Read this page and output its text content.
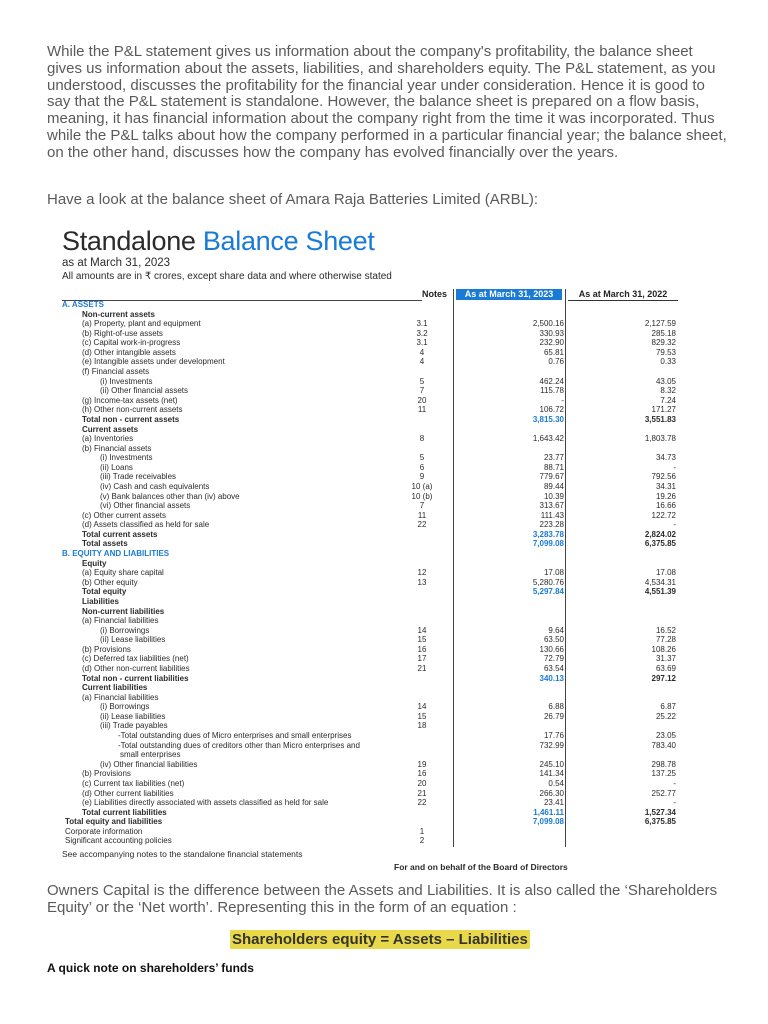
While the P&L statement gives us information about the company's profitability, the balance sheet gives us information about the assets, liabilities, and shareholders equity. The P&L statement, as you understood, discusses the profitability for the financial year under consideration. Hence it is good to say that the P&L statement is standalone. However, the balance sheet is prepared on a flow basis, meaning, it has financial information about the company right from the time it was incorporated. Thus while the P&L talks about how the company performed in a particular financial year; the balance sheet, on the other hand, discusses how the company has evolved financially over the years.

Have a look at the balance sheet of Amara Raja Batteries Limited (ARBL):

Standalone Balance Sheet
as at March 31, 2023
All amounts are in ₹ crores, except share data and where otherwise stated
Notes	As at March 31, 2023	As at March 31, 2022
A. ASSETS
Non-current assets
(a) Property, plant and equipment	3.1	2,500.16	2,127.59
(b) Right-of-use assets	3.2	330.93	285.18
(c) Capital work-in-progress	3.1	232.90	829.32
(d) Other intangible assets	4	65.81	79.53
(e) Intangible assets under development	4	0.76	0.33
(f) Financial assets
(i) Investments	5	462.24	43.05
(ii) Other financial assets	7	115.78	8.32
(g) Income-tax assets (net)	20	-	7.24
(h) Other non-current assets	11	106.72	171.27
Total non - current assets	3,815.30	3,551.83
Current assets
(a) Inventories	8	1,643.42	1,803.78
(b) Financial assets
(i) Investments	5	23.77	34.73
(ii) Loans	6	88.71	-
(iii) Trade receivables	9	779.67	792.56
(iv) Cash and cash equivalents	10 (a)	89.44	34.31
(v) Bank balances other than (iv) above	10 (b)	10.39	19.26
(vi) Other financial assets	7	313.67	16.66
(c) Other current assets	11	111.43	122.72
(d) Assets classified as held for sale	22	223.28	-
Total current assets	3,283.78	2,824.02
Total assets	7,099.08	6,375.85
B. EQUITY AND LIABILITIES
Equity
(a) Equity share capital	12	17.08	17.08
(b) Other equity	13	5,280.76	4,534.31
Total equity	5,297.84	4,551.39
Liabilities
Non-current liabilities
(a) Financial liabilities
(i) Borrowings	14	9.64	16.52
(ii) Lease liabilities	15	63.50	77.28
(b) Provisions	16	130.66	108.26
(c) Deferred tax liabilities (net)	17	72.79	31.37
(d) Other non-current liabilities	21	63.54	63.69
Total non - current liabilities	340.13	297.12
Current liabilities
(a) Financial liabilities
(i) Borrowings	14	6.88	6.87
(ii) Lease liabilities	15	26.79	25.22
(iii) Trade payables	18
-Total outstanding dues of Micro enterprises and small enterprises	17.76	23.05
-Total outstanding dues of creditors other than Micro enterprises and	732.99	783.40
small enterprises
(iv) Other financial liabilities	19	245.10	298.78
(b) Provisions	16	141.34	137.25
(c) Current tax liabilities (net)	20	0.54	-
(d) Other current liabilities	21	266.30	252.77
(e) Liabilities directly associated with assets classified as held for sale	22	23.41	-
Total current liabilities	1,461.11	1,527.34
Total equity and liabilities	7,099.08	6,375.85
Corporate information	1
Significant accounting policies	2
See accompanying notes to the standalone financial statements
For and on behalf of the Board of Directors

Owners Capital is the difference between the Assets and Liabilities. It is also called the ‘Shareholders Equity’ or the ‘Net worth’. Representing this in the form of an equation :

Shareholders equity = Assets – Liabilities
A quick note on shareholders’ funds
